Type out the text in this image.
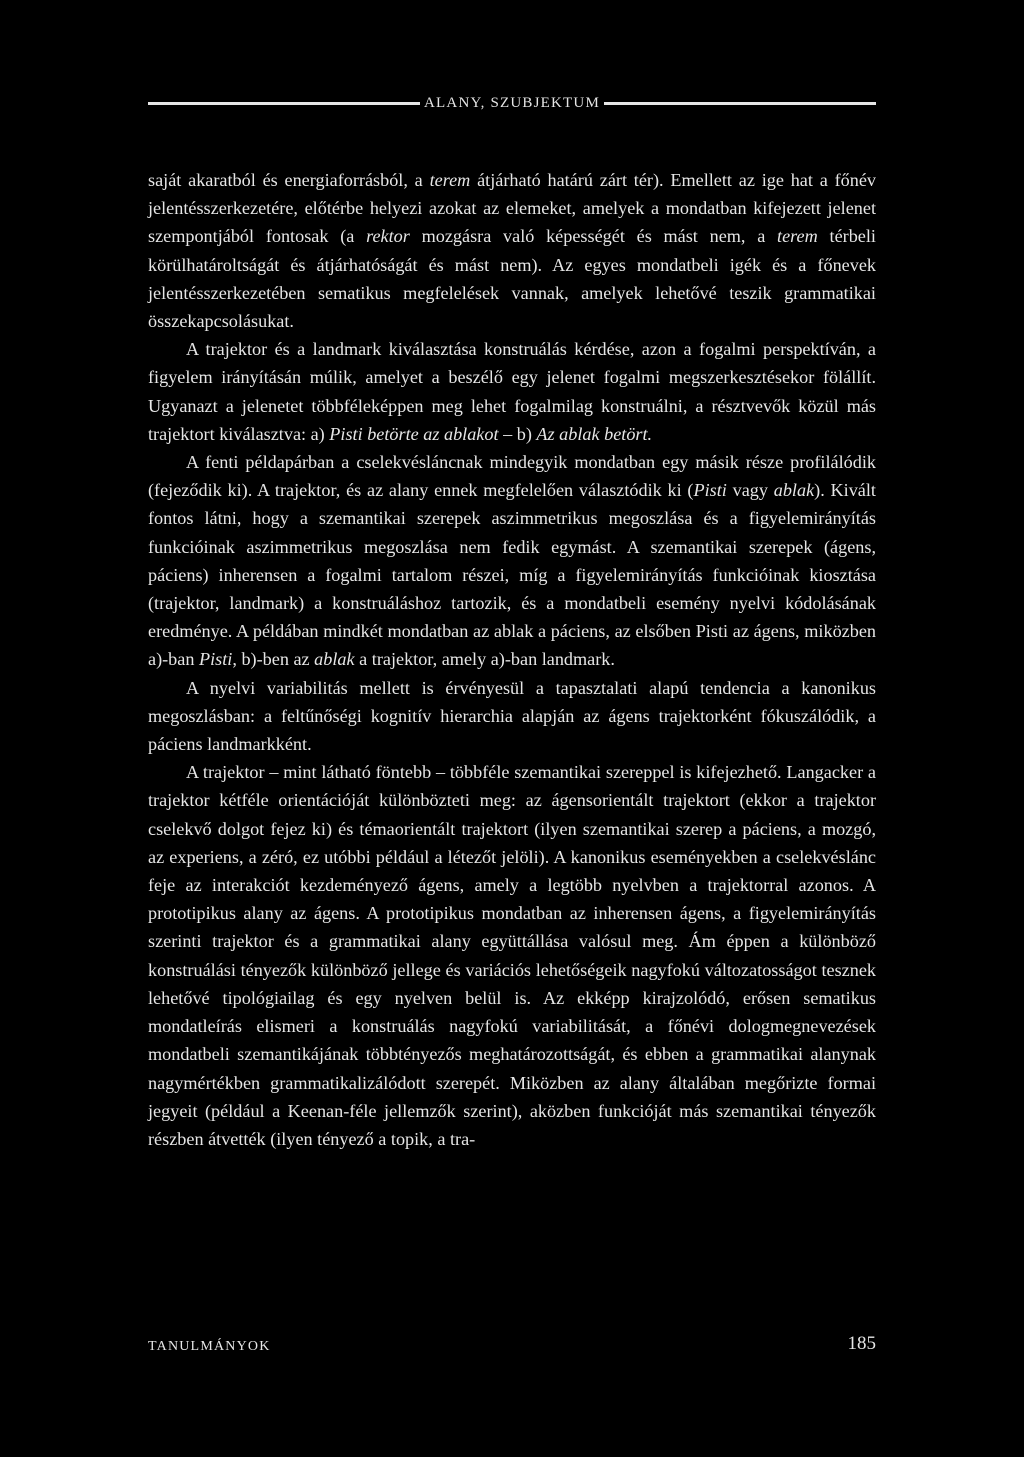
ALANY, SZUBJEKTUM

saját akaratból és energiaforrásból, a terem átjárható határú zárt tér). Emellett az ige hat a főnév jelentésszerkezetére, előtérbe helyezi azokat az elemeket, amelyek a mondatban kifejezett jelenet szempontjából fontosak (a rektor mozgásra való képességét és mást nem, a terem térbeli körülhatároltságát és átjárhatóságát és mást nem). Az egyes mondatbeli igék és a főnevek jelentésszerkezetében sematikus megfelelések vannak, amelyek lehetővé teszik grammatikai összekapcsolásukat.

A trajektor és a landmark kiválasztása konstruálás kérdése, azon a fogalmi perspektíván, a figyelem irányításán múlik, amelyet a beszélő egy jelenet fogalmi megszerkesztésekor fölállít. Ugyanazt a jelenetet többféleképpen meg lehet fogalmilag konstruálni, a résztvevők közül más trajektort kiválasztva: a) Pisti betörte az ablakot – b) Az ablak betört.

A fenti példapárban a cselekvésláncnak mindegyik mondatban egy másik része profilálódik (fejeződik ki). A trajektor, és az alany ennek megfelelően választódik ki (Pisti vagy ablak). Kivált fontos látni, hogy a szemantikai szerepek aszimmetrikus megoszlása és a figyelemirányítás funkcióinak aszimmetrikus megoszlása nem fedik egymást. A szemantikai szerepek (ágens, páciens) inherensen a fogalmi tartalom részei, míg a figyelemirányítás funkcióinak kiosztása (trajektor, landmark) a konstruáláshoz tartozik, és a mondatbeli esemény nyelvi kódolásának eredménye. A példában mindkét mondatban az ablak a páciens, az elsőben Pisti az ágens, miközben a)-ban Pisti, b)-ben az ablak a trajektor, amely a)-ban landmark.

A nyelvi variabilitás mellett is érvényesül a tapasztalati alapú tendencia a kanonikus megoszlásban: a feltűnőségi kognitív hierarchia alapján az ágens trajektorként fókuszálódik, a páciens landmarkként.

A trajektor – mint látható föntebb – többféle szemantikai szereppel is kifejezhető. Langacker a trajektor kétféle orientációját különbözteti meg: az ágensorientált trajektort (ekkor a trajektor cselekvő dolgot fejez ki) és témaorientált trajektort (ilyen szemantikai szerep a páciens, a mozgó, az experiens, a zéró, ez utóbbi például a létezőt jelöli). A kanonikus eseményekben a cselekvéslánc feje az interakciót kezdeményező ágens, amely a legtöbb nyelvben a trajektorral azonos. A prototipikus alany az ágens. A prototipikus mondatban az inherensen ágens, a figyelemirányítás szerinti trajektor és a grammatikai alany együttállása valósul meg. Ám éppen a különböző konstruálási tényezők különböző jellege és variációs lehetőségeik nagyfokú változatosságot tesznek lehetővé tipológiailag és egy nyelven belül is. Az ekképp kirajzolódó, erősen sematikus mondatleírás elismeri a konstruálás nagyfokú variabilitását, a főnévi dologmegnevezések mondatbeli szemantikájának többtényezős meghatározottságát, és ebben a grammatikai alanynak nagymértékben grammatikalizálódott szerepét. Miközben az alany általában megőrizte formai jegyeit (például a Keenan-féle jellemzők szerint), aközben funkcióját más szemantikai tényezők részben átvették (ilyen tényező a topik, a tra-

TANULMÁNYOK	185
